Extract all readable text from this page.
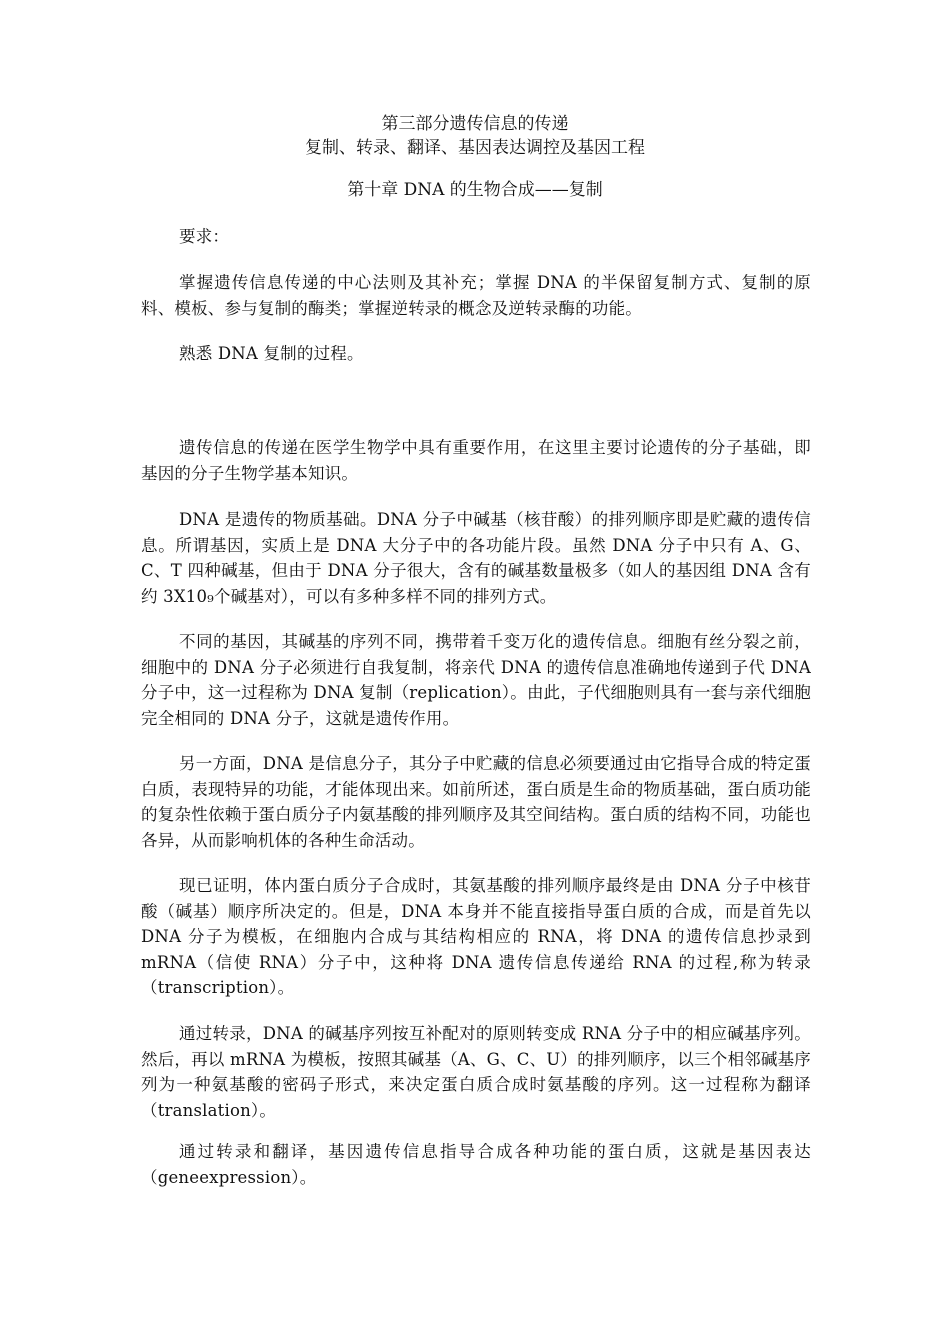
第三部分遗传信息的传递
复制、转录、翻译、基因表达调控及基因工程
第十章 DNA 的生物合成——复制

要求：

掌握遗传信息传递的中心法则及其补充；掌握 DNA 的半保留复制方式、复制的原料、模板、参与复制的酶类；掌握逆转录的概念及逆转录酶的功能。

熟悉 DNA 复制的过程。

遗传信息的传递在医学生物学中具有重要作用，在这里主要讨论遗传的分子基础，即基因的分子生物学基本知识。

DNA 是遗传的物质基础。DNA 分子中碱基（核苷酸）的排列顺序即是贮藏的遗传信息。所谓基因，实质上是 DNA 大分子中的各功能片段。虽然 DNA 分子中只有 A、G、C、T 四种碱基，但由于 DNA 分子很大，含有的碱基数量极多（如人的基因组 DNA 含有约 3X10₉个碱基对），可以有多种多样不同的排列方式。

不同的基因，其碱基的序列不同，携带着千变万化的遗传信息。细胞有丝分裂之前，细胞中的 DNA 分子必须进行自我复制，将亲代 DNA 的遗传信息准确地传递到子代 DNA 分子中，这一过程称为 DNA 复制（replication）。由此，子代细胞则具有一套与亲代细胞完全相同的 DNA 分子，这就是遗传作用。

另一方面，DNA 是信息分子，其分子中贮藏的信息必须要通过由它指导合成的特定蛋白质，表现特异的功能，才能体现出来。如前所述，蛋白质是生命的物质基础，蛋白质功能的复杂性依赖于蛋白质分子内氨基酸的排列顺序及其空间结构。蛋白质的结构不同，功能也各异，从而影响机体的各种生命活动。

现已证明，体内蛋白质分子合成时，其氨基酸的排列顺序最终是由 DNA 分子中核苷酸（碱基）顺序所决定的。但是，DNA 本身并不能直接指导蛋白质的合成，而是首先以 DNA 分子为模板，在细胞内合成与其结构相应的 RNA，将 DNA 的遗传信息抄录到 mRNA（信使 RNA）分子中，这种将 DNA 遗传信息传递给 RNA 的过程,称为转录（transcription）。

通过转录，DNA 的碱基序列按互补配对的原则转变成 RNA 分子中的相应碱基序列。然后，再以 mRNA 为模板，按照其碱基（A、G、C、U）的排列顺序，以三个相邻碱基序列为一种氨基酸的密码子形式，来决定蛋白质合成时氨基酸的序列。这一过程称为翻译（translation）。

通过转录和翻译，基因遗传信息指导合成各种功能的蛋白质，这就是基因表达（geneexpression）。
